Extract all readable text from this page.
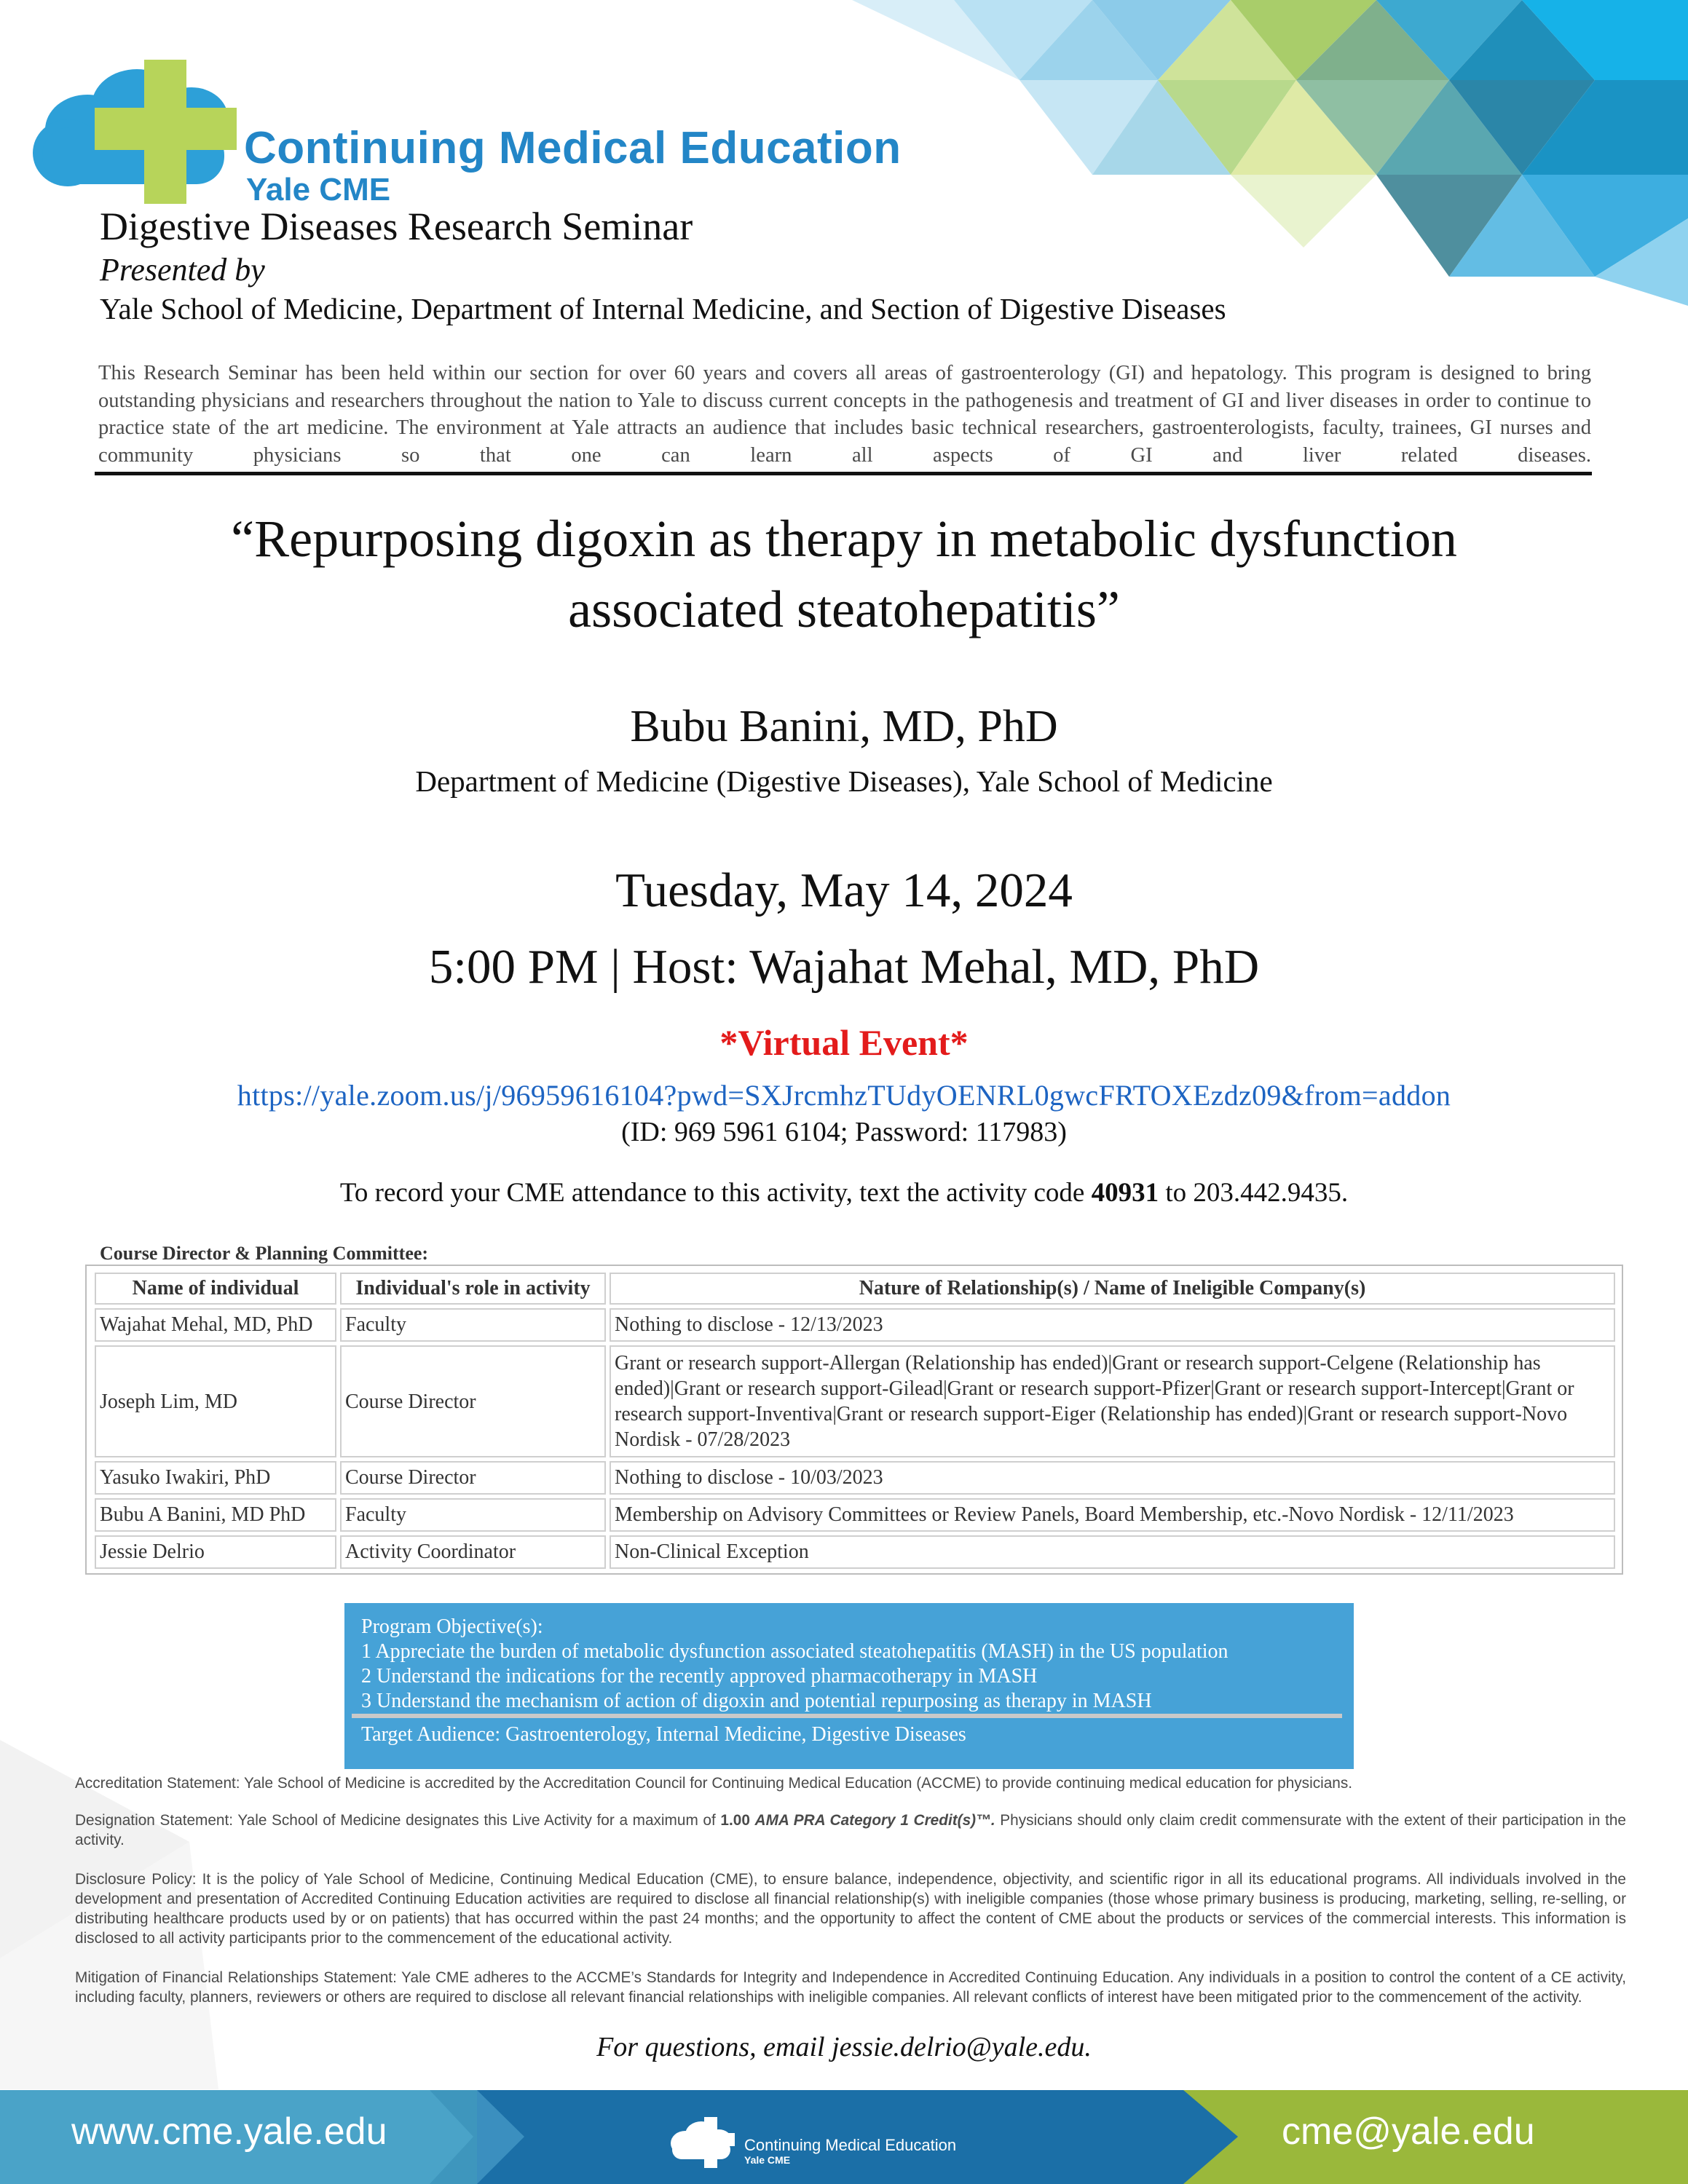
Continuing Medical Education
Yale CME
Digestive Diseases Research Seminar
Presented by
Yale School of Medicine, Department of Internal Medicine, and Section of Digestive Diseases
This Research Seminar has been held within our section for over 60 years and covers all areas of gastroenterology (GI) and hepatology. This program is designed to bring outstanding physicians and researchers throughout the nation to Yale to discuss current concepts in the pathogenesis and treatment of GI and liver diseases in order to continue to practice state of the art medicine. The environment at Yale attracts an audience that includes basic technical researchers, gastroenterologists, faculty, trainees, GI nurses and community physicians so that one can learn all aspects of GI and liver related diseases.
“Repurposing digoxin as therapy in metabolic dysfunction
associated steatohepatitis”
Bubu Banini, MD, PhD
Department of Medicine (Digestive Diseases), Yale School of Medicine
Tuesday, May 14, 2024
5:00 PM | Host: Wajahat Mehal, MD, PhD
*Virtual Event*
https://yale.zoom.us/j/96959616104?pwd=SXJrcmhzTUdyOENRL0gwcFRTOXEzdz09&from=addon
(ID: 969 5961 6104; Password: 117983)
To record your CME attendance to this activity, text the activity code 40931 to 203.442.9435.
Course Director & Planning Committee:
Name of individual	Individual's role in activity	Nature of Relationship(s) / Name of Ineligible Company(s)
Wajahat Mehal, MD, PhD	Faculty	Nothing to disclose - 12/13/2023
Joseph Lim, MD	Course Director	Grant or research support-Allergan (Relationship has ended)|Grant or research support-Celgene (Relationship has ended)|Grant or research support-Gilead|Grant or research support-Pfizer|Grant or research support-Intercept|Grant or research support-Inventiva|Grant or research support-Eiger (Relationship has ended)|Grant or research support-Novo Nordisk - 07/28/2023
Yasuko Iwakiri, PhD	Course Director	Nothing to disclose - 10/03/2023
Bubu A Banini, MD PhD	Faculty	Membership on Advisory Committees or Review Panels, Board Membership, etc.-Novo Nordisk - 12/11/2023
Jessie Delrio	Activity Coordinator	Non-Clinical Exception
Program Objective(s):
1 Appreciate the burden of metabolic dysfunction associated steatohepatitis (MASH) in the US population
2 Understand the indications for the recently approved pharmacotherapy in MASH
3 Understand the mechanism of action of digoxin and potential repurposing as therapy in MASH
Target Audience: Gastroenterology, Internal Medicine, Digestive Diseases
Accreditation Statement: Yale School of Medicine is accredited by the Accreditation Council for Continuing Medical Education (ACCME) to provide continuing medical education for physicians.
Designation Statement: Yale School of Medicine designates this Live Activity for a maximum of 1.00 AMA PRA Category 1 Credit(s)™. Physicians should only claim credit commensurate with the extent of their participation in the activity.
Disclosure Policy: It is the policy of Yale School of Medicine, Continuing Medical Education (CME), to ensure balance, independence, objectivity, and scientific rigor in all its educational programs. All individuals involved in the development and presentation of Accredited Continuing Education activities are required to disclose all financial relationship(s) with ineligible companies (those whose primary business is producing, marketing, selling, re-selling, or distributing healthcare products used by or on patients) that has occurred within the past 24 months; and the opportunity to affect the content of CME about the products or services of the commercial interests. This information is disclosed to all activity participants prior to the commencement of the educational activity.
Mitigation of Financial Relationships Statement: Yale CME adheres to the ACCME’s Standards for Integrity and Independence in Accredited Continuing Education. Any individuals in a position to control the content of a CE activity, including faculty, planners, reviewers or others are required to disclose all relevant financial relationships with ineligible companies. All relevant conflicts of interest have been mitigated prior to the commencement of the activity.
For questions, email jessie.delrio@yale.edu.
www.cme.yale.edu	Continuing Medical Education
Yale CME
cme@yale.edu
